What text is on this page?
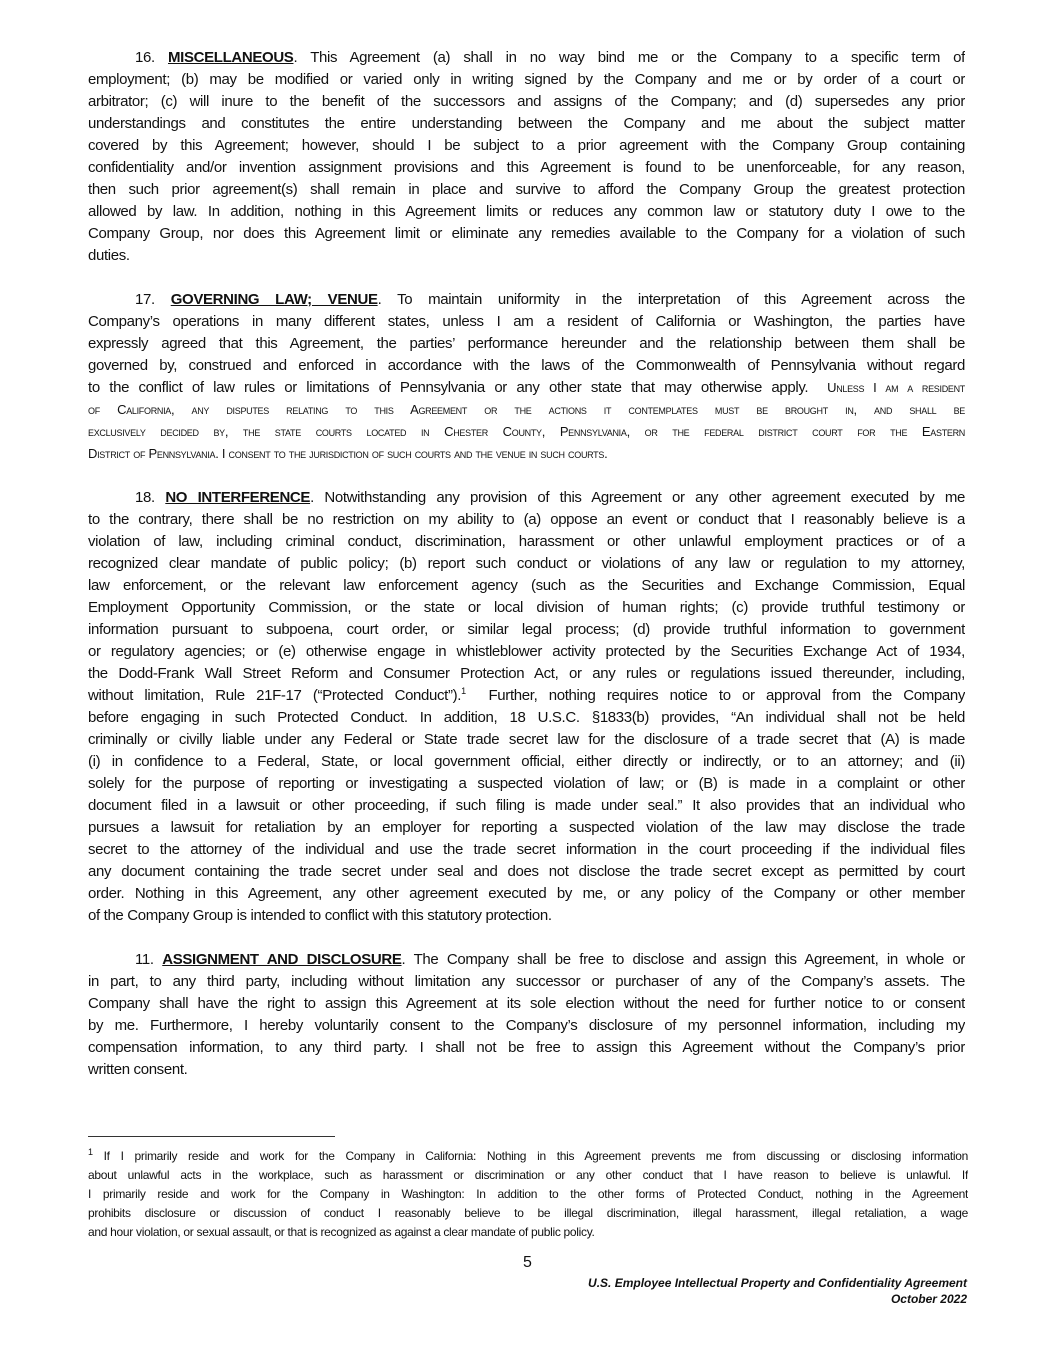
16. MISCELLANEOUS. This Agreement (a) shall in no way bind me or the Company to a specific term of
employment; (b) may be modified or varied only in writing signed by the Company and me or by order of a court or
arbitrator; (c) will inure to the benefit of the successors and assigns of the Company; and (d) supersedes any prior
understandings and constitutes the entire understanding between the Company and me about the subject matter
covered by this Agreement; however, should I be subject to a prior agreement with the Company Group containing
confidentiality and/or invention assignment provisions and this Agreement is found to be unenforceable, for any reason,
then such prior agreement(s) shall remain in place and survive to afford the Company Group the greatest protection
allowed by law. In addition, nothing in this Agreement limits or reduces any common law or statutory duty I owe to the
Company Group, nor does this Agreement limit or eliminate any remedies available to the Company for a violation of such
duties.
17. GOVERNING LAW; VENUE. To maintain uniformity in the interpretation of this Agreement across the
Company’s operations in many different states, unless I am a resident of California or Washington, the parties have
expressly agreed that this Agreement, the parties’ performance hereunder and the relationship between them shall be
governed by, construed and enforced in accordance with the laws of the Commonwealth of Pennsylvania without regard
to the conflict of law rules or limitations of Pennsylvania or any other state that may otherwise apply. Unless I am a resident
of California, any disputes relating to this Agreement or the actions it contemplates must be brought in, and shall be
exclusively decided by, the state courts located in Chester County, Pennsylvania, or the federal district court for the Eastern
District of Pennsylvania. I consent to the jurisdiction of such courts and the venue in such courts.
18. NO INTERFERENCE. Notwithstanding any provision of this Agreement or any other agreement executed by me
to the contrary, there shall be no restriction on my ability to (a) oppose an event or conduct that I reasonably believe is a
violation of law, including criminal conduct, discrimination, harassment or other unlawful employment practices or of a
recognized clear mandate of public policy; (b) report such conduct or violations of any law or regulation to my attorney,
law enforcement, or the relevant law enforcement agency (such as the Securities and Exchange Commission, Equal
Employment Opportunity Commission, or the state or local division of human rights; (c) provide truthful testimony or
information pursuant to subpoena, court order, or similar legal process; (d) provide truthful information to government
or regulatory agencies; or (e) otherwise engage in whistleblower activity protected by the Securities Exchange Act of 1934,
the Dodd-Frank Wall Street Reform and Consumer Protection Act, or any rules or regulations issued thereunder, including,
without limitation, Rule 21F-17 (“Protected Conduct”).$^1$  Further, nothing requires notice to or approval from the Company
before engaging in such Protected Conduct. In addition, 18 U.S.C. §1833(b) provides, “An individual shall not be held
criminally or civilly liable under any Federal or State trade secret law for the disclosure of a trade secret that (A) is made
(i) in confidence to a Federal, State, or local government official, either directly or indirectly, or to an attorney; and (ii)
solely for the purpose of reporting or investigating a suspected violation of law; or (B) is made in a complaint or other
document filed in a lawsuit or other proceeding, if such filing is made under seal.” It also provides that an individual who
pursues a lawsuit for retaliation by an employer for reporting a suspected violation of the law may disclose the trade
secret to the attorney of the individual and use the trade secret information in the court proceeding if the individual files
any document containing the trade secret under seal and does not disclose the trade secret except as permitted by court
order. Nothing in this Agreement, any other agreement executed by me, or any policy of the Company or other member
of the Company Group is intended to conflict with this statutory protection.
11. ASSIGNMENT AND DISCLOSURE. The Company shall be free to disclose and assign this Agreement, in whole or
in part, to any third party, including without limitation any successor or purchaser of any of the Company’s assets. The
Company shall have the right to assign this Agreement at its sole election without the need for further notice to or consent
by me. Furthermore, I hereby voluntarily consent to the Company’s disclosure of my personnel information, including my
compensation information, to any third party. I shall not be free to assign this Agreement without the Company’s prior
written consent.
$^1$ If I primarily reside and work for the Company in California: Nothing in this Agreement prevents me from discussing or disclosing information
about unlawful acts in the workplace, such as harassment or discrimination or any other conduct that I have reason to believe is unlawful. If
I primarily reside and work for the Company in Washington: In addition to the other forms of Protected Conduct, nothing in the Agreement
prohibits disclosure or discussion of conduct I reasonably believe to be illegal discrimination, illegal harassment, illegal retaliation, a wage
and hour violation, or sexual assault, or that is recognized as against a clear mandate of public policy.
5
U.S. Employee Intellectual Property and Confidentiality Agreement
October 2022
